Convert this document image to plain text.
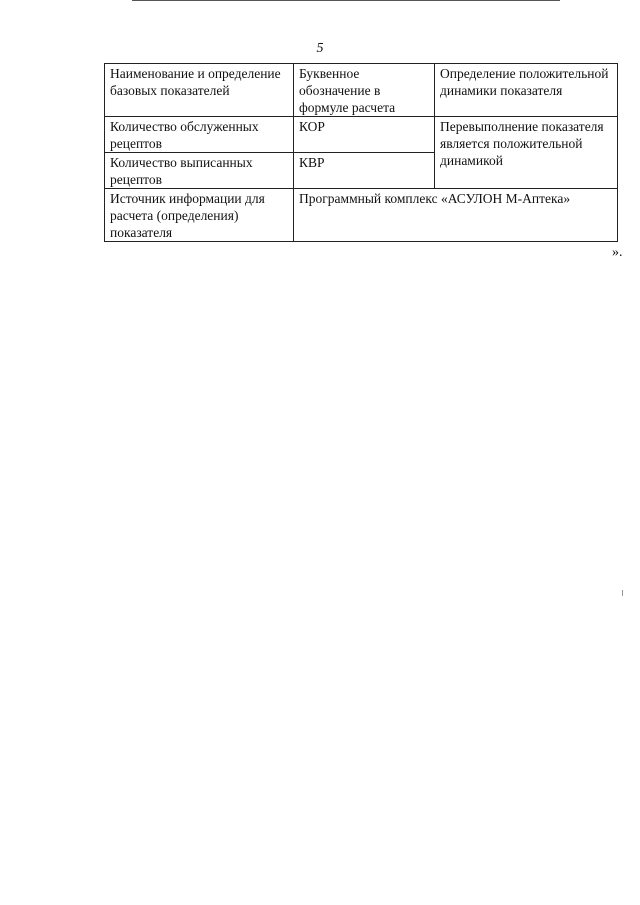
5
Наименование и определение базовых показателей	Буквенное обозначение в формуле расчета	Определение положительной динамики показателя
Количество обслуженных рецептов	КОР	Перевыполнение показателя является положительной динамикой
Количество выписанных рецептов	КВР	
Источник информации для расчета (определения) показателя	Программный комплекс «АСУЛОН М-Аптека»	
».
